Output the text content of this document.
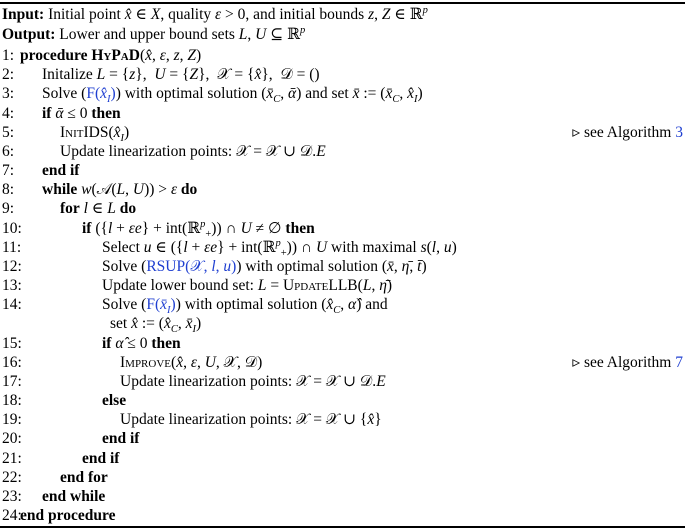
Input: Initial point x̂ ∈ X, quality ε > 0, and initial bounds z, Z ∈ ℝ$^p$
Output: Lower and upper bound sets L, U ⊆ ℝ$^p$
1: procedure HyPaD(x̂, ε, z, Z)
2:	Initalize L = {z},  U = {Z},  𝒳 = {x̂},  𝒟 = ()
3:	Solve $(F(x̂_I))$ with optimal solution ($x̄_C$, ᾱ) and set x̄ := ($x̄_C$, $x̂_I$)
4:	if ᾱ ≤ 0 then
5:	$InitIDS(x̂_I)$	▹ see Algorithm 3
6:	Update linearization points: 𝒳 = 𝒳 ∪ 𝒟.E
7:	end if
8:	while w(𝒜(L, U)) > ε do
9:	for l ∈ L do
10:	if ({l + εe} + int(ℝ$^p_+$)) ∩ U ≠ ∅ then
11:	Select u ∈ ({l + εe} + int(ℝ$^p_+$)) ∩ U with maximal s(l, u)
12:	Solve (RSUP(𝒳, l, u)) with optimal solution (x̄, η̄, t̄)
13:	Update lower bound set: L = UpdateLLB(L, η̄)
14:	Solve $(F(x̄_I))$ with optimal solution ($x̂_C$, α̂) and
set x̂ := ($x̂_C$, $x̄_I$)
15:	if α̂ ≤ 0 then
16:	Improve(x̂, ε, U, 𝒳, 𝒟)	▹ see Algorithm 7
17:	Update linearization points: 𝒳 = 𝒳 ∪ 𝒟.E
18:	else
19:	Update linearization points: 𝒳 = 𝒳 ∪ {x̂}
20:	end if
21:	end if
22:	end for
23:	end while
24:
end procedure
